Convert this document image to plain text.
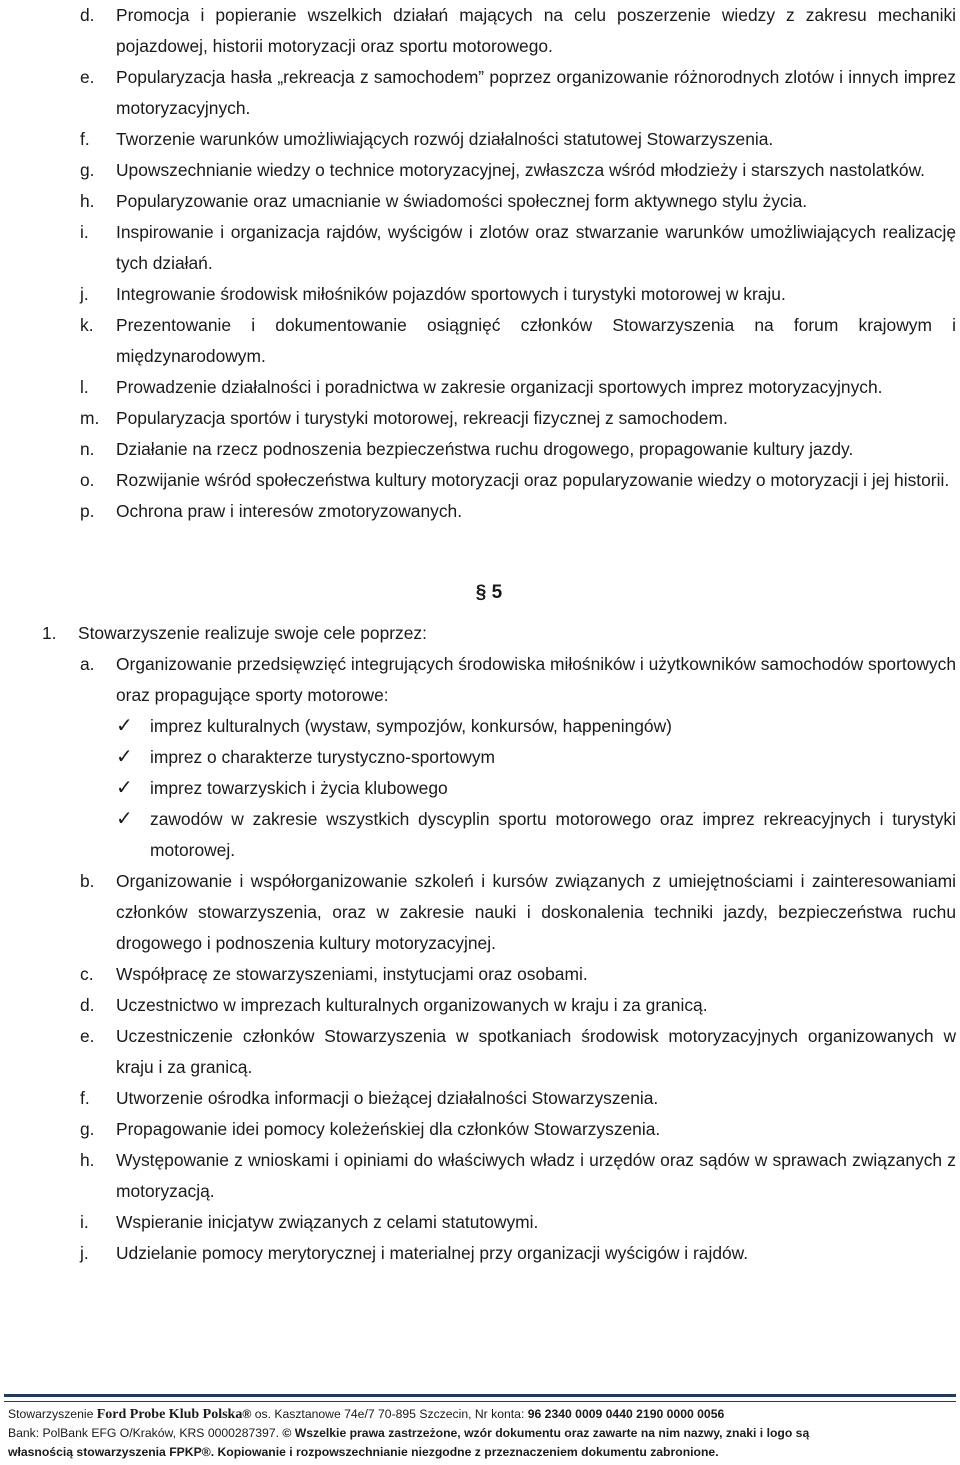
d.	Promocja i popieranie wszelkich działań mających na celu poszerzenie wiedzy z zakresu mechaniki pojazdowej, historii motoryzacji oraz sportu motorowego.
e.	Popularyzacja hasła „rekreacja z samochodem” poprzez organizowanie różnorodnych zlotów i innych imprez motoryzacyjnych.
f.	Tworzenie warunków umożliwiających rozwój działalności statutowej Stowarzyszenia.
g.	Upowszechnianie wiedzy o technice motoryzacyjnej, zwłaszcza wśród młodzieży i starszych nastolatków.
h.	Popularyzowanie oraz umacnianie w świadomości społecznej form aktywnego stylu życia.
i.	Inspirowanie i organizacja rajdów, wyścigów i zlotów oraz stwarzanie warunków umożliwiających realizację tych działań.
j.	Integrowanie środowisk miłośników pojazdów sportowych i turystyki motorowej w kraju.
k.	Prezentowanie i dokumentowanie osiągnięć członków Stowarzyszenia na forum krajowym i międzynarodowym.
l.	Prowadzenie działalności i poradnictwa w zakresie organizacji sportowych imprez motoryzacyjnych.
m. Popularyzacja sportów i turystyki motorowej, rekreacji fizycznej z samochodem.
n.	Działanie na rzecz podnoszenia bezpieczeństwa ruchu drogowego, propagowanie kultury jazdy.
o.	Rozwijanie wśród społeczeństwa kultury motoryzacji oraz popularyzowanie wiedzy o motoryzacji i jej historii.
p.	Ochrona praw i interesów zmotoryzowanych.
§ 5
1.	Stowarzyszenie realizuje swoje cele poprzez:
a.	Organizowanie przedsięwzięć integrujących środowiska miłośników i użytkowników samochodów sportowych oraz propagujące sporty motorowe:
✓ imprez kulturalnych (wystaw, sympozjów, konkursów, happeningów)
✓ imprez o charakterze turystyczno-sportowym
✓ imprez towarzyskich i życia klubowego
✓ zawodów w zakresie wszystkich dyscyplin sportu motorowego oraz imprez rekreacyjnych i turystyki motorowej.
b.	Organizowanie i współorganizowanie szkoleń i kursów związanych z umiejętnościami i zainteresowaniami członków stowarzyszenia, oraz w zakresie nauki i doskonalenia techniki jazdy, bezpieczeństwa ruchu drogowego i podnoszenia kultury motoryzacyjnej.
c.	Współpracę ze stowarzyszeniami, instytucjami oraz osobami.
d.	Uczestnictwo w imprezach kulturalnych organizowanych w kraju i za granicą.
e.	Uczestniczenie członków Stowarzyszenia w spotkaniach środowisk motoryzacyjnych organizowanych w kraju i za granicą.
f.	Utworzenie ośrodka informacji o bieżącej działalności Stowarzyszenia.
g.	Propagowanie idei pomocy koleżeńskiej dla członków Stowarzyszenia.
h.	Występowanie z wnioskami i opiniami do właściwych władz i urzędów oraz sądów w sprawach związanych z motoryzacją.
i.	Wspieranie inicjatyw związanych z celami statutowymi.
j.	Udzielanie pomocy merytorycznej i materialnej przy organizacji wyścigów i rajdów.
Stowarzyszenie Ford Probe Klub Polska® os. Kasztanowe 74e/7 70-895 Szczecin, Nr konta: 96 2340 0009 0440 2190 0000 0056
Bank: PolBank EFG O/Kraków, KRS 0000287397. © Wszelkie prawa zastrzeżone, wzór dokumentu oraz zawarte na nim nazwy, znaki i logo są
własnością stowarzyszenia FPKP®. Kopiowanie i rozpowszechnianie niezgodne z przeznaczeniem dokumentu zabronione.
